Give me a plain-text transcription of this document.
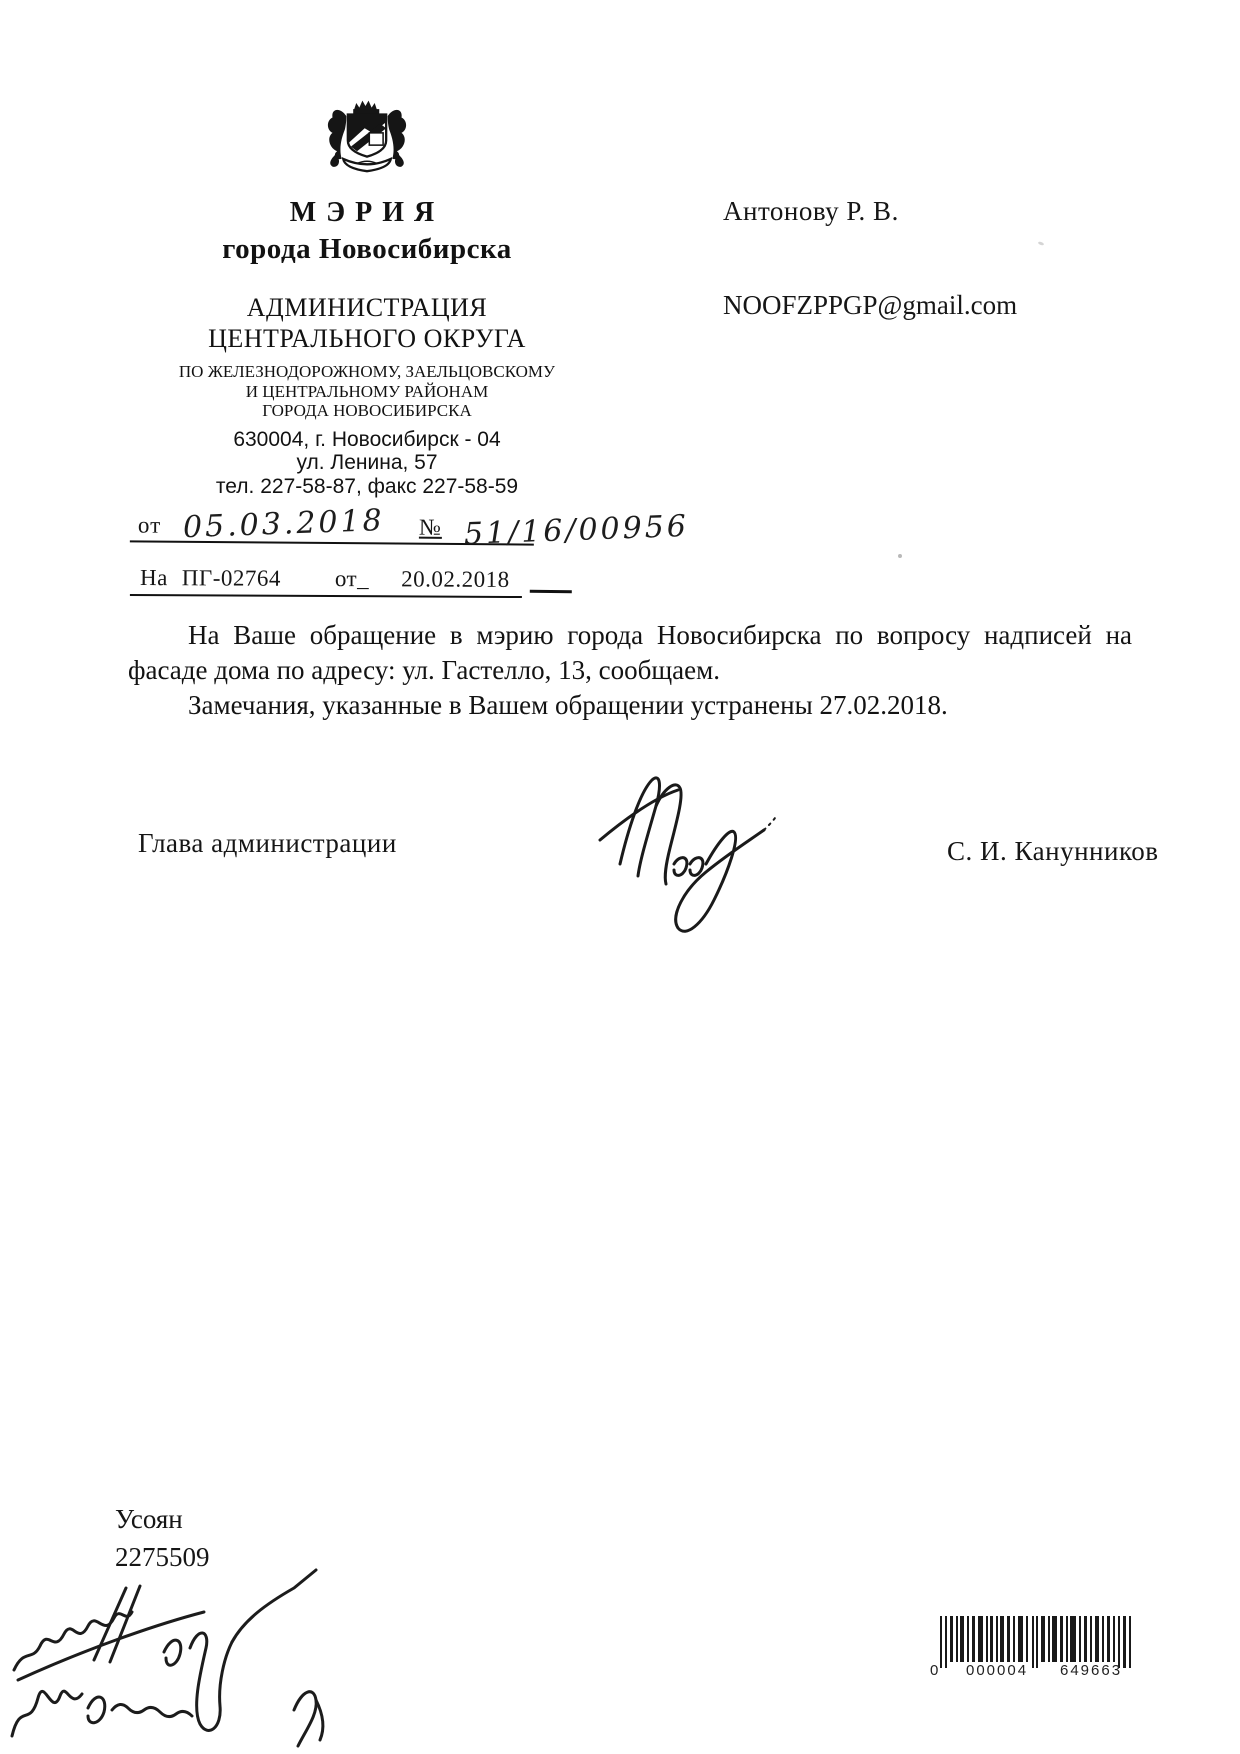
МЭРИЯ
города Новосибирска
АДМИНИСТРАЦИЯ
ЦЕНТРАЛЬНОГО ОКРУГА
ПО ЖЕЛЕЗНОДОРОЖНОМУ, ЗАЕЛЬЦОВСКОМУ
И ЦЕНТРАЛЬНОМУ РАЙОНАМ
ГОРОДА НОВОСИБИРСКА
630004, г. Новосибирск - 04
ул. Ленина, 57
тел. 227-58-87, факс 227-58-59
от 05.03.2018 № 51/16/00956
На ПГ-02764 от_ 20.02.2018
Антонову Р. В.
NOOFZPPGP@gmail.com

На Ваше обращение в мэрию города Новосибирска по вопросу надписей на фасаде дома по адресу: ул. Гастелло, 13, сообщаем.

Замечания, указанные в Вашем обращении устранены 27.02.2018.

Глава администрации	С. И. Канунников
Усоян
2275509
0 000004 649663
